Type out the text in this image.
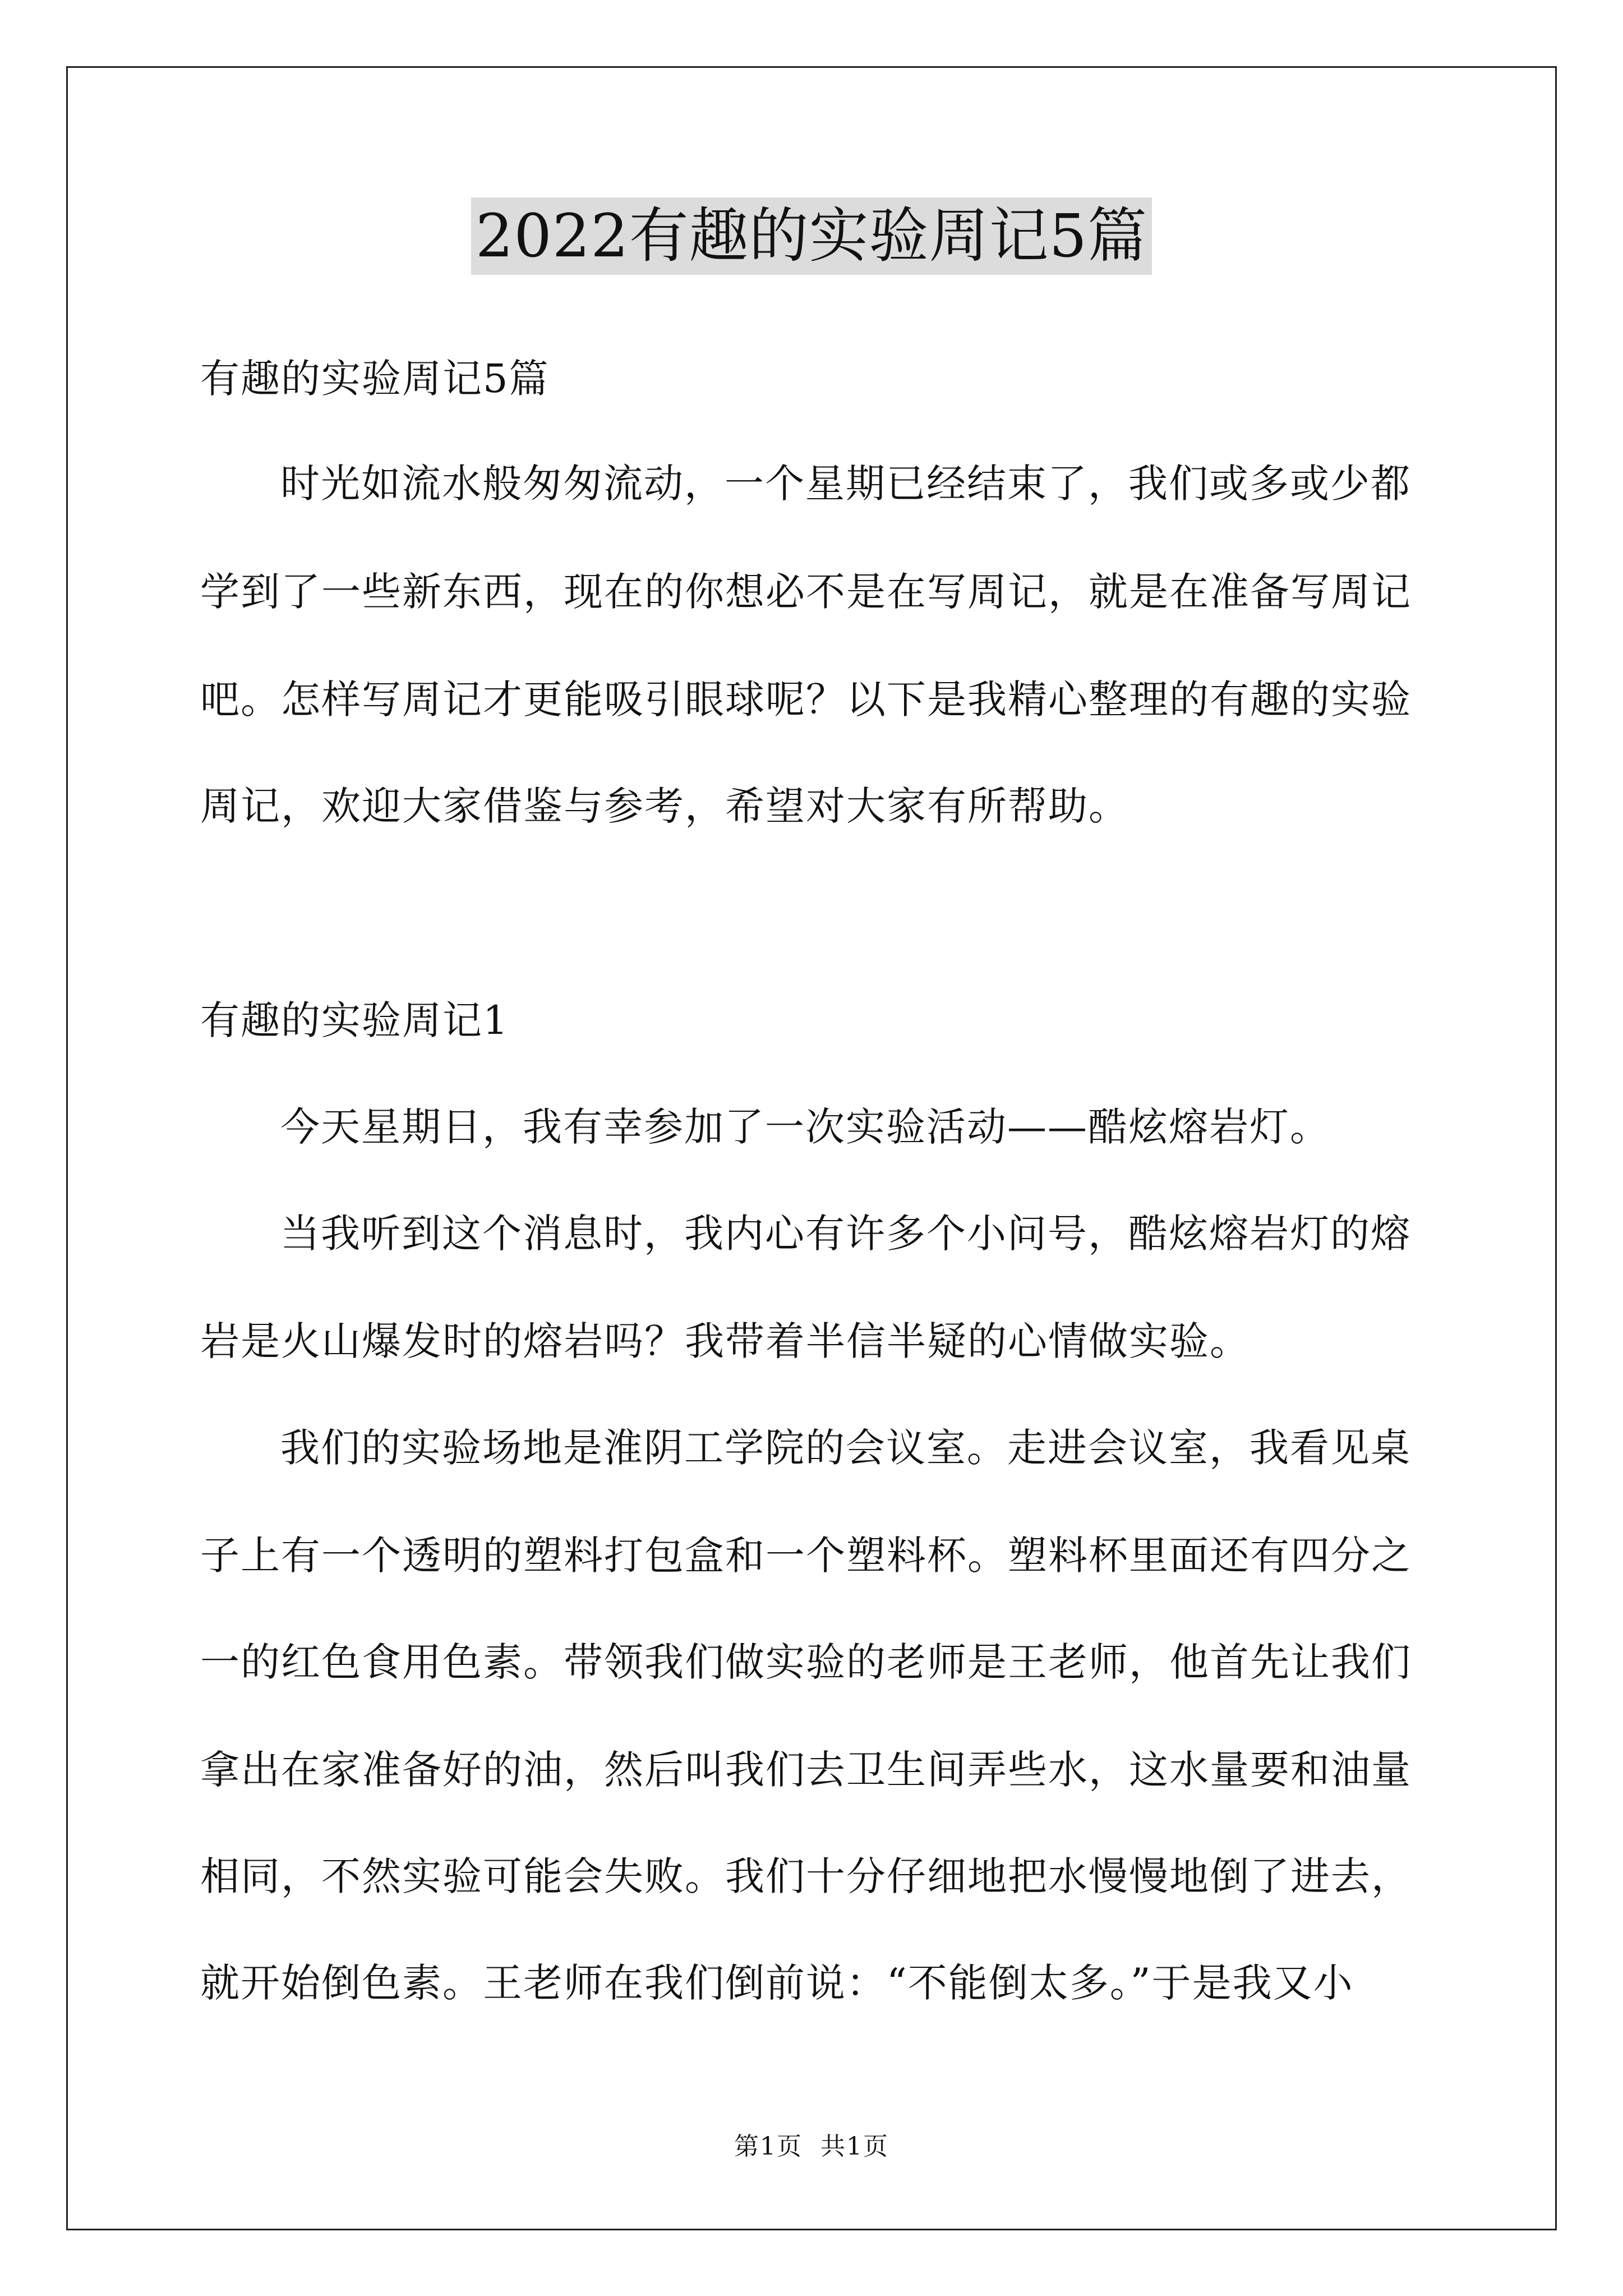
2022有趣的实验周记5篇
有趣的实验周记5篇
时光如流水般匆匆流动，一个星期已经结束了，我们或多或少都
学到了一些新东西，现在的你想必不是在写周记，就是在准备写周记
吧。怎样写周记才更能吸引眼球呢？以下是我精心整理的有趣的实验
周记，欢迎大家借鉴与参考，希望对大家有所帮助。
有趣的实验周记1
今天星期日，我有幸参加了一次实验活动——酷炫熔岩灯。
当我听到这个消息时，我内心有许多个小问号，酷炫熔岩灯的熔
岩是火山爆发时的熔岩吗？我带着半信半疑的心情做实验。
我们的实验场地是淮阴工学院的会议室。走进会议室，我看见桌
子上有一个透明的塑料打包盒和一个塑料杯。塑料杯里面还有四分之
一的红色食用色素。带领我们做实验的老师是王老师，他首先让我们
拿出在家准备好的油，然后叫我们去卫生间弄些水，这水量要和油量
相同，不然实验可能会失败。我们十分仔细地把水慢慢地倒了进去，
就开始倒色素。王老师在我们倒前说：“不能倒太多。”于是我又小
第1页 共1页
